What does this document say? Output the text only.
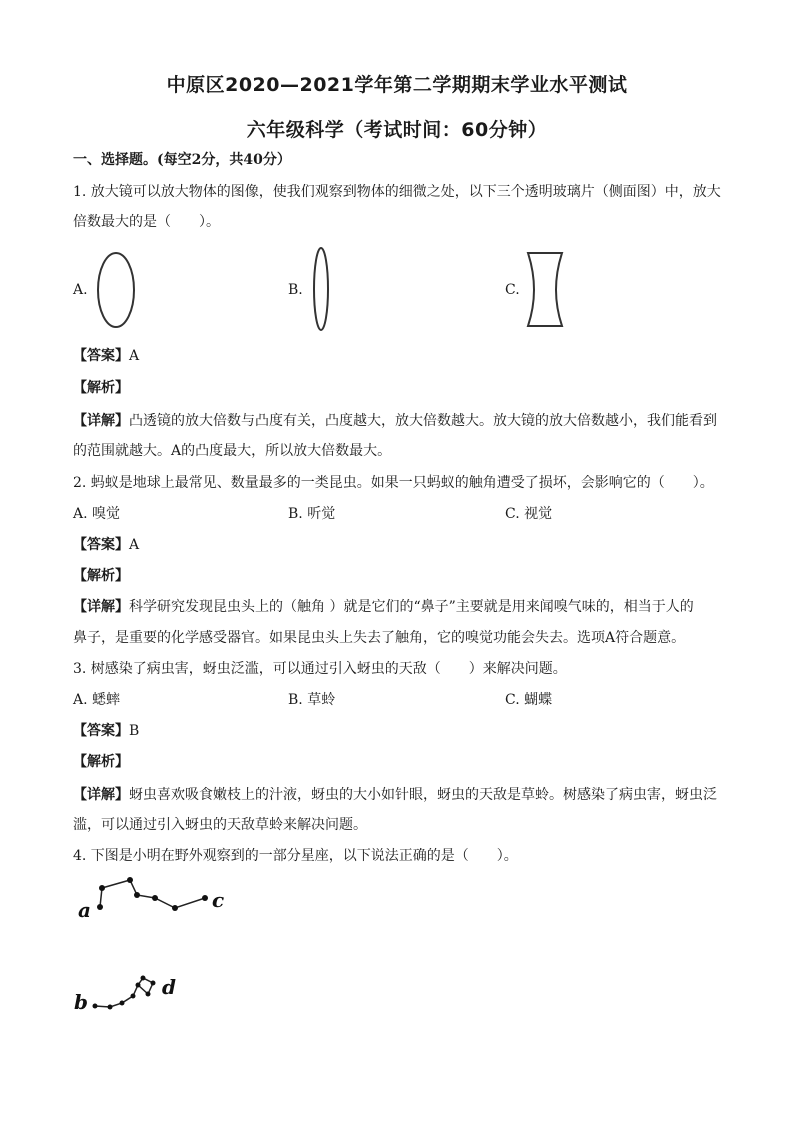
中原区2020—2021学年第二学期期末学业水平测试
六年级科学（考试时间：60分钟）
一、选择题。(每空2分，共40分）
1. 放大镜可以放大物体的图像，使我们观察到物体的细微之处，以下三个透明玻璃片（侧面图）中，放大
倍数最大的是（　　）。
A.	B.	C.
【答案】A
【解析】
【详解】凸透镜的放大倍数与凸度有关，凸度越大，放大倍数越大。放大镜的放大倍数越小，我们能看到
的范围就越大。A的凸度最大，所以放大倍数最大。
2. 蚂蚁是地球上最常见、数量最多的一类昆虫。如果一只蚂蚁的触角遭受了损坏，会影响它的（　　）。
A. 嗅觉	B. 听觉	C. 视觉
【答案】A
【解析】
【详解】科学研究发现昆虫头上的（触角 ）就是它们的“鼻子”主要就是用来闻嗅气味的，相当于人的
鼻子，是重要的化学感受器官。如果昆虫头上失去了触角，它的嗅觉功能会失去。选项A符合题意。
3. 树感染了病虫害，蚜虫泛滥，可以通过引入蚜虫的天敌（　　）来解决问题。
A. 蟋蟀	B. 草蛉	C. 蝴蝶
【答案】B
【解析】
【详解】蚜虫喜欢吸食嫩枝上的汁液，蚜虫的大小如针眼，蚜虫的天敌是草蛉。树感染了病虫害，蚜虫泛
滥，可以通过引入蚜虫的天敌草蛉来解决问题。
4. 下图是小明在野外观察到的一部分星座，以下说法正确的是（　　）。
a	c
b
d
